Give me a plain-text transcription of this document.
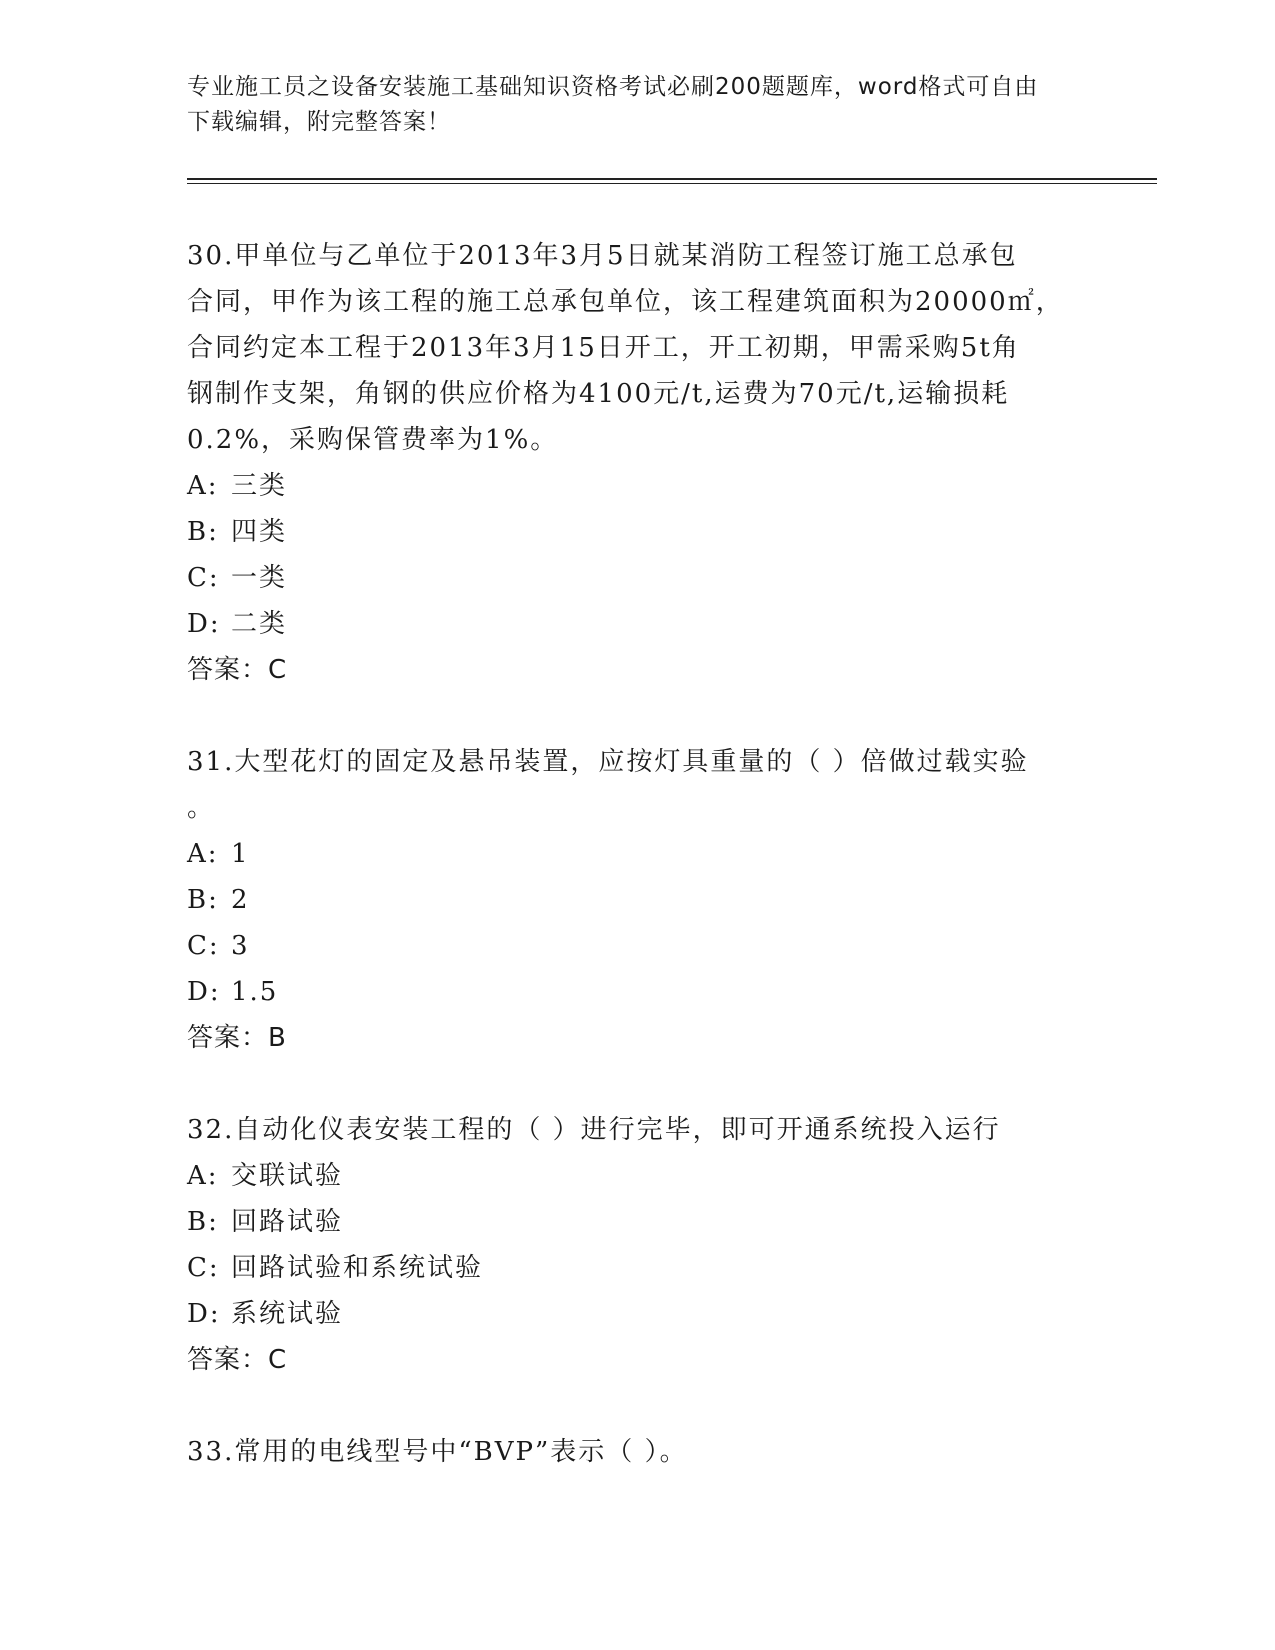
专业施工员之设备安装施工基础知识资格考试必刷200题题库，word格式可自由
下载编辑，附完整答案！

30.甲单位与乙单位于2013年3月5日就某消防工程签订施工总承包

合同，甲作为该工程的施工总承包单位，该工程建筑面积为20000㎡，

合同约定本工程于2013年3月15日开工，开工初期，甲需采购5t角

钢制作支架，角钢的供应价格为4100元/t,运费为70元/t,运输损耗

0.2%，采购保管费率为1%。

A: 三类

B: 四类

C: 一类

D: 二类

答案：C

31.大型花灯的固定及悬吊装置，应按灯具重量的（ ）倍做过载实验

。

A: 1

B: 2

C: 3

D: 1.5

答案：B

32.自动化仪表安装工程的（ ）进行完毕，即可开通系统投入运行

A: 交联试验

B: 回路试验

C: 回路试验和系统试验

D: 系统试验

答案：C

33.常用的电线型号中“BVP”表示（ ）。
